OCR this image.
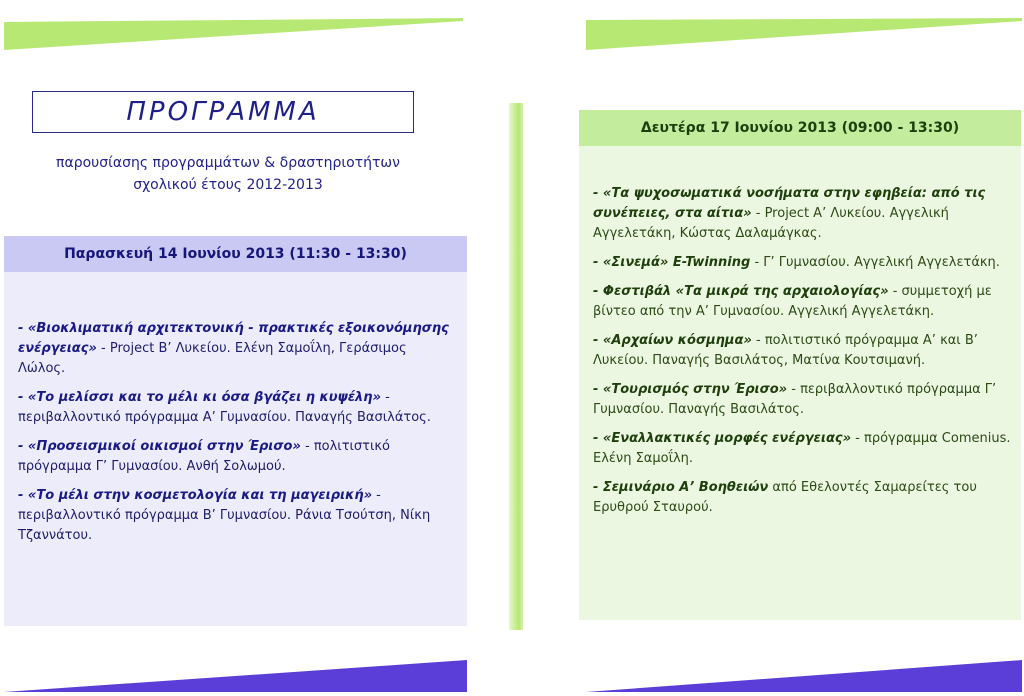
ΠΡΟΓΡΑΜΜΑ
παρουσίασης προγραμμάτων & δραστηριοτήτων
σχολικού έτους 2012-2013
Παρασκευή 14 Ιουνίου 2013 (11:30 - 13:30)
- «Βιοκλιματική αρχιτεκτονική - πρακτικές εξοικονόμησης ενέργειας» - Project Β’ Λυκείου. Ελένη Σαμοΐλη, Γεράσιμος Λώλος.
- «Το μελίσσι και το μέλι κι όσα βγάζει η κυψέλη» - περιβαλλοντικό πρόγραμμα Α’ Γυμνασίου. Παναγής Βασιλάτος.
- «Προσεισμικοί οικισμοί στην Έρισο» - πολιτιστικό πρόγραμμα Γ’ Γυμνασίου. Ανθή Σολωμού.
- «Το μέλι στην κοσμετολογία και τη μαγειρική» - περιβαλλοντικό πρόγραμμα Β’ Γυμνασίου. Ράνια Τσούτση, Νίκη Τζαννάτου.
Δευτέρα 17 Ιουνίου 2013 (09:00 - 13:30)
- «Τα ψυχοσωματικά νοσήματα στην εφηβεία: από τις συνέπειες, στα αίτια» - Project Α’ Λυκείου. Αγγελική Αγγελετάκη, Κώστας Δαλαμάγκας.
- «Σινεμά» E-Twinning - Γ’ Γυμνασίου. Αγγελική Αγγελετάκη.
- Φεστιβάλ «Τα μικρά της αρχαιολογίας» - συμμετοχή με βίντεο από την Α’ Γυμνασίου. Αγγελική Αγγελετάκη.
- «Αρχαίων κόσμημα» - πολιτιστικό πρόγραμμα Α’ και Β’ Λυκείου. Παναγής Βασιλάτος, Ματίνα Κουτσιμανή.
- «Τουρισμός στην Έρισο» - περιβαλλοντικό πρόγραμμα Γ’ Γυμνασίου. Παναγής Βασιλάτος.
- «Εναλλακτικές μορφές ενέργειας» - πρόγραμμα Comenius. Ελένη Σαμοΐλη.
- Σεμινάριο Α’ Βοηθειών από Εθελοντές Σαμαρείτες του Ερυθρού Σταυρού.
